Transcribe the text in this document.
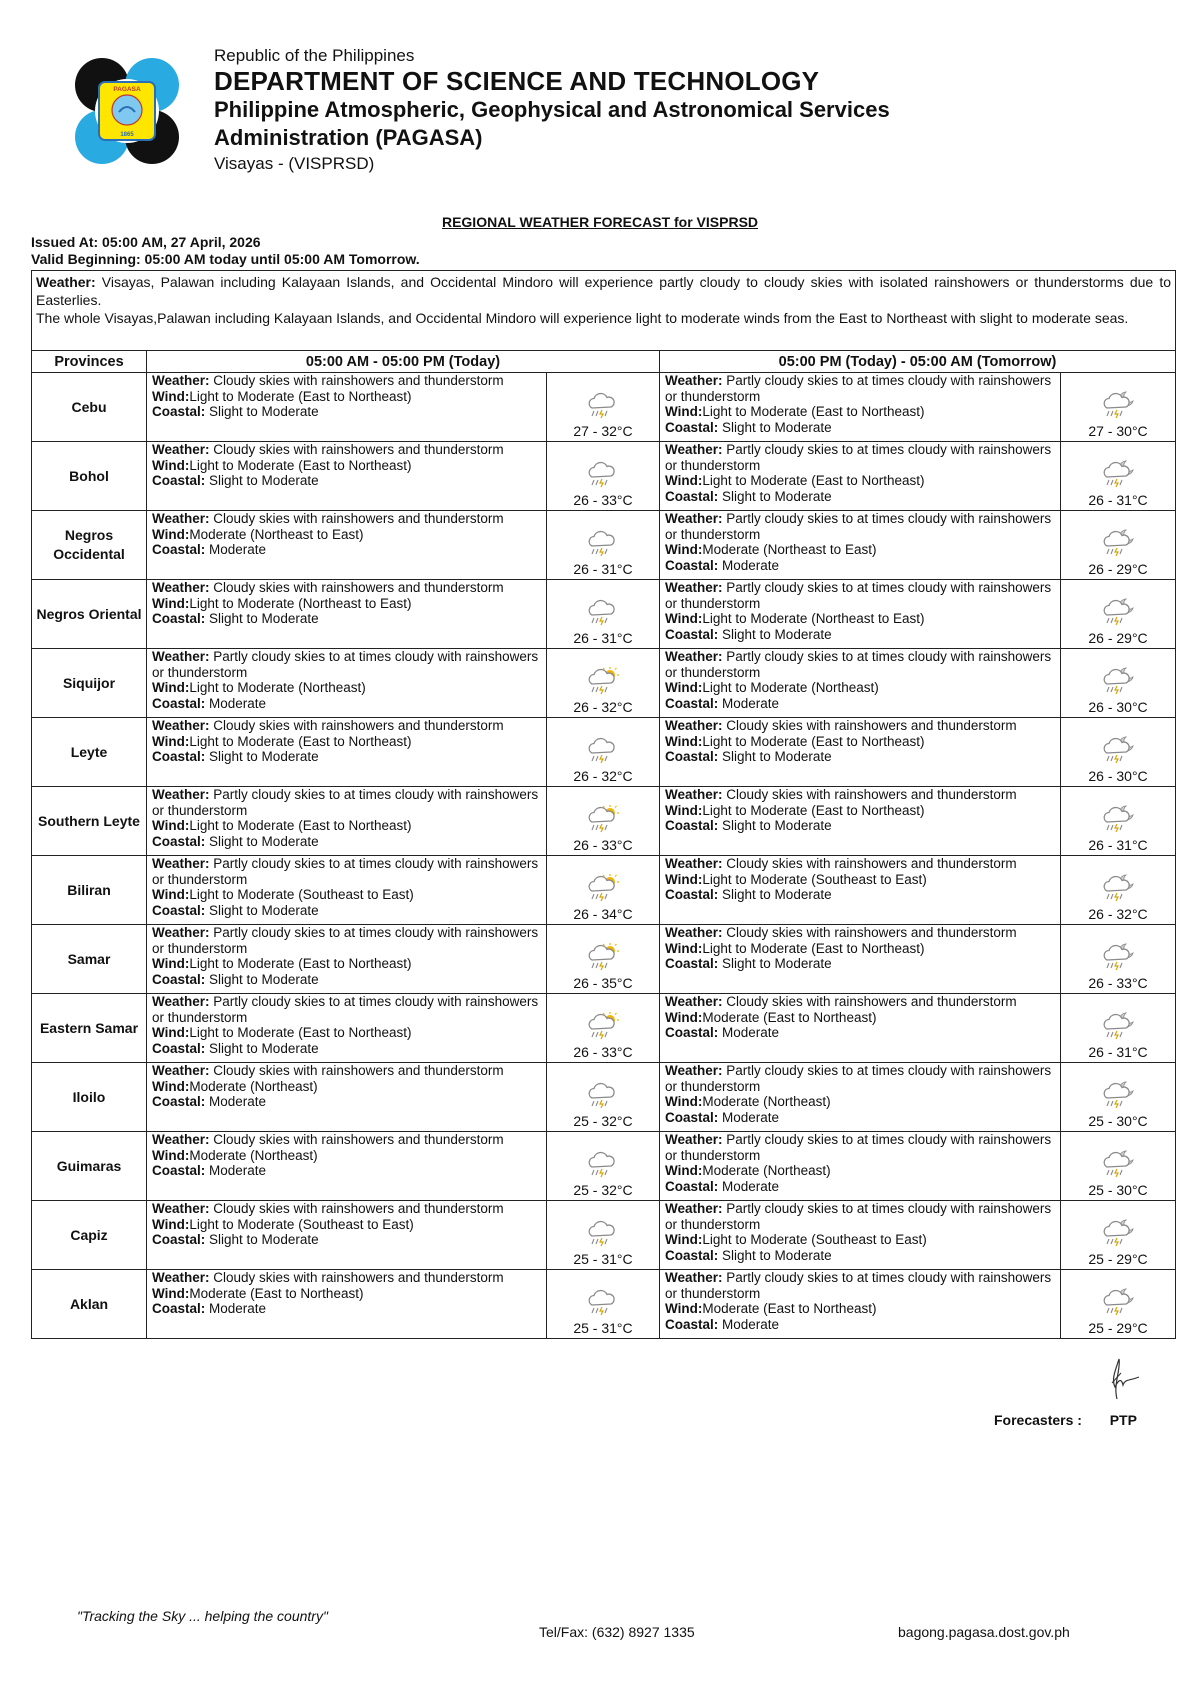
PAGASA
1865
Republic of the Philippines
DEPARTMENT OF SCIENCE AND TECHNOLOGY
Philippine Atmospheric, Geophysical and Astronomical Services
Administration (PAGASA)
Visayas - (VISPRSD)
REGIONAL WEATHER FORECAST for VISPRSD
Issued At: 05:00 AM, 27 April, 2026
Valid Beginning: 05:00 AM today until 05:00 AM Tomorrow.
Weather: Visayas, Palawan including Kalayaan Islands, and Occidental Mindoro will experience partly cloudy to cloudy skies with isolated rainshowers or thunderstorms due to Easterlies.
The whole Visayas,Palawan including Kalayaan Islands, and Occidental Mindoro will experience light to moderate winds from the East to Northeast with slight to moderate seas.				
Provinces	05:00 AM - 05:00 PM (Today)		05:00 PM (Today) - 05:00 AM (Tomorrow)	
Cebu	Weather: Cloudy skies with rainshowers and thunderstorm
Wind:Light to Moderate (East to Northeast)
Coastal: Slight to Moderate	27 - 32°C	Weather: Partly cloudy skies to at times cloudy with rainshowers or thunderstorm
Wind:Light to Moderate (East to Northeast)
Coastal: Slight to Moderate	27 - 30°C
Bohol	Weather: Cloudy skies with rainshowers and thunderstorm
Wind:Light to Moderate (East to Northeast)
Coastal: Slight to Moderate	26 - 33°C	Weather: Partly cloudy skies to at times cloudy with rainshowers or thunderstorm
Wind:Light to Moderate (East to Northeast)
Coastal: Slight to Moderate	26 - 31°C
Negros Occidental	Weather: Cloudy skies with rainshowers and thunderstorm
Wind:Moderate (Northeast to East)
Coastal: Moderate	26 - 31°C	Weather: Partly cloudy skies to at times cloudy with rainshowers or thunderstorm
Wind:Moderate (Northeast to East)
Coastal: Moderate	26 - 29°C
Negros Oriental	Weather: Cloudy skies with rainshowers and thunderstorm
Wind:Light to Moderate (Northeast to East)
Coastal: Slight to Moderate	26 - 31°C	Weather: Partly cloudy skies to at times cloudy with rainshowers or thunderstorm
Wind:Light to Moderate (Northeast to East)
Coastal: Slight to Moderate	26 - 29°C
Siquijor	Weather: Partly cloudy skies to at times cloudy with rainshowers or thunderstorm
Wind:Light to Moderate (Northeast)
Coastal: Moderate	26 - 32°C	Weather: Partly cloudy skies to at times cloudy with rainshowers or thunderstorm
Wind:Light to Moderate (Northeast)
Coastal: Moderate	26 - 30°C
Leyte	Weather: Cloudy skies with rainshowers and thunderstorm
Wind:Light to Moderate (East to Northeast)
Coastal: Slight to Moderate	26 - 32°C	Weather: Cloudy skies with rainshowers and thunderstorm
Wind:Light to Moderate (East to Northeast)
Coastal: Slight to Moderate	26 - 30°C
Southern Leyte	Weather: Partly cloudy skies to at times cloudy with rainshowers or thunderstorm
Wind:Light to Moderate (East to Northeast)
Coastal: Slight to Moderate	26 - 33°C	Weather: Cloudy skies with rainshowers and thunderstorm
Wind:Light to Moderate (East to Northeast)
Coastal: Slight to Moderate	26 - 31°C
Biliran	Weather: Partly cloudy skies to at times cloudy with rainshowers or thunderstorm
Wind:Light to Moderate (Southeast to East)
Coastal: Slight to Moderate	26 - 34°C	Weather: Cloudy skies with rainshowers and thunderstorm
Wind:Light to Moderate (Southeast to East)
Coastal: Slight to Moderate	26 - 32°C
Samar	Weather: Partly cloudy skies to at times cloudy with rainshowers or thunderstorm
Wind:Light to Moderate (East to Northeast)
Coastal: Slight to Moderate	26 - 35°C	Weather: Cloudy skies with rainshowers and thunderstorm
Wind:Light to Moderate (East to Northeast)
Coastal: Slight to Moderate	26 - 33°C
Eastern Samar	Weather: Partly cloudy skies to at times cloudy with rainshowers or thunderstorm
Wind:Light to Moderate (East to Northeast)
Coastal: Slight to Moderate	26 - 33°C	Weather: Cloudy skies with rainshowers and thunderstorm
Wind:Moderate (East to Northeast)
Coastal: Moderate	26 - 31°C
Iloilo	Weather: Cloudy skies with rainshowers and thunderstorm
Wind:Moderate (Northeast)
Coastal: Moderate	25 - 32°C	Weather: Partly cloudy skies to at times cloudy with rainshowers or thunderstorm
Wind:Moderate (Northeast)
Coastal: Moderate	25 - 30°C
Guimaras	Weather: Cloudy skies with rainshowers and thunderstorm
Wind:Moderate (Northeast)
Coastal: Moderate	25 - 32°C	Weather: Partly cloudy skies to at times cloudy with rainshowers or thunderstorm
Wind:Moderate (Northeast)
Coastal: Moderate	25 - 30°C
Capiz	Weather: Cloudy skies with rainshowers and thunderstorm
Wind:Light to Moderate (Southeast to East)
Coastal: Slight to Moderate	25 - 31°C	Weather: Partly cloudy skies to at times cloudy with rainshowers or thunderstorm
Wind:Light to Moderate (Southeast to East)
Coastal: Slight to Moderate	25 - 29°C
Aklan	Weather: Cloudy skies with rainshowers and thunderstorm
Wind:Moderate (East to Northeast)
Coastal: Moderate	25 - 31°C	Weather: Partly cloudy skies to at times cloudy with rainshowers or thunderstorm
Wind:Moderate (East to Northeast)
Coastal: Moderate	25 - 29°C
Forecasters : PTP
"Tracking the Sky ... helping the country"
Tel/Fax: (632) 8927 1335	bagong.pagasa.dost.gov.ph
